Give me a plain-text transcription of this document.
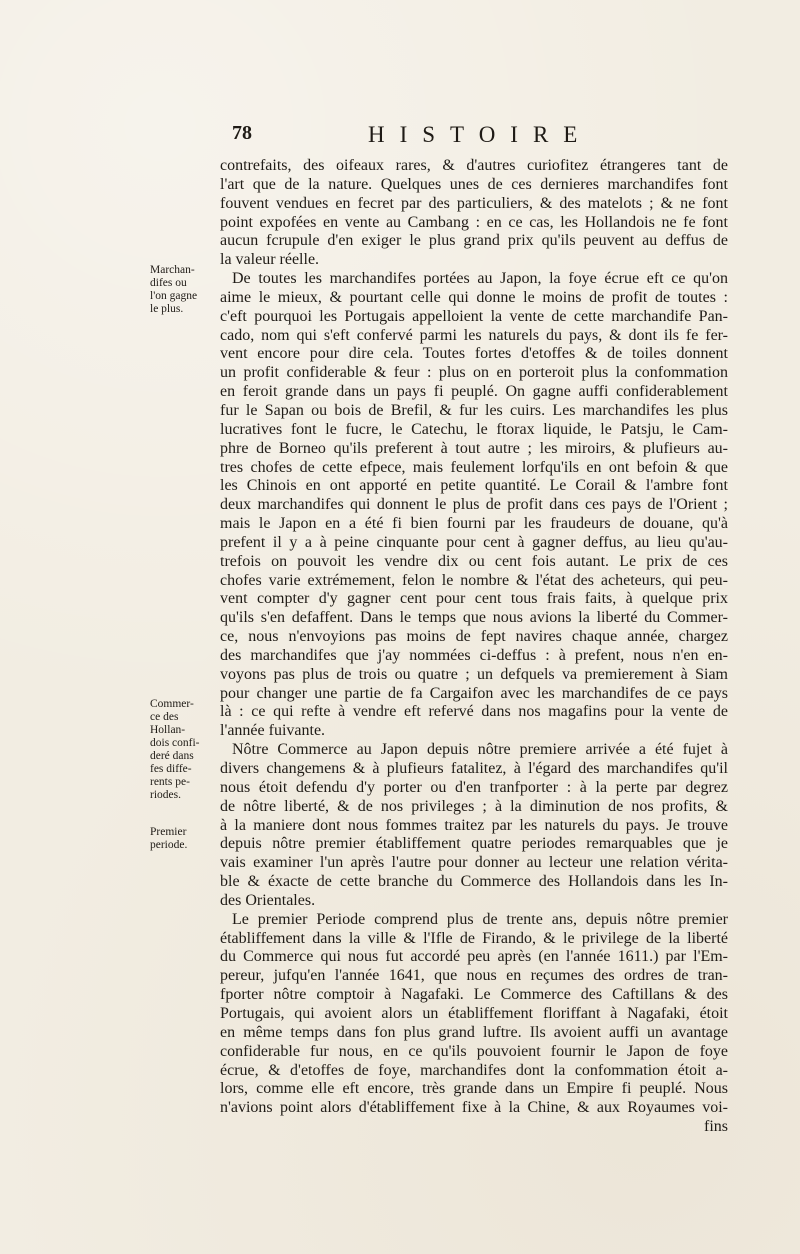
78	HISTOIRE
Marchan-
difes ou
l'on gagne
le plus.
Commer-
ce des
Hollan-
dois confi-
deré dans
fes diffe-
rents pe-
riodes.
Premier
periode.
contrefaits, des oifeaux rares, & d'autres curiofitez étrangeres tant de
l'art que de la nature. Quelques unes de ces dernieres marchandifes font
fouvent vendues en fecret par des particuliers, & des matelots ; & ne font
point expofées en vente au Cambang : en ce cas, les Hollandois ne fe font
aucun fcrupule d'en exiger le plus grand prix qu'ils peuvent au deffus de
la valeur réelle.
De toutes les marchandifes portées au Japon, la foye écrue eft ce qu'on
aime le mieux, & pourtant celle qui donne le moins de profit de toutes :
c'eft pourquoi les Portugais appelloient la vente de cette marchandife Pan-
cado, nom qui s'eft confervé parmi les naturels du pays, & dont ils fe fer-
vent encore pour dire cela. Toutes fortes d'etoffes & de toiles donnent
un profit confiderable & feur : plus on en porteroit plus la confommation
en feroit grande dans un pays fi peuplé. On gagne auffi confiderablement
fur le Sapan ou bois de Brefil, & fur les cuirs. Les marchandifes les plus
lucratives font le fucre, le Catechu, le ftorax liquide, le Patsju, le Cam-
phre de Borneo qu'ils preferent à tout autre ; les miroirs, & plufieurs au-
tres chofes de cette efpece, mais feulement lorfqu'ils en ont befoin & que
les Chinois en ont apporté en petite quantité. Le Corail & l'ambre font
deux marchandifes qui donnent le plus de profit dans ces pays de l'Orient ;
mais le Japon en a été fi bien fourni par les fraudeurs de douane, qu'à
prefent il y a à peine cinquante pour cent à gagner deffus, au lieu qu'au-
trefois on pouvoit les vendre dix ou cent fois autant. Le prix de ces
chofes varie extrémement, felon le nombre & l'état des acheteurs, qui peu-
vent compter d'y gagner cent pour cent tous frais faits, à quelque prix
qu'ils s'en defaffent. Dans le temps que nous avions la liberté du Commer-
ce, nous n'envoyions pas moins de fept navires chaque année, chargez
des marchandifes que j'ay nommées ci-deffus : à prefent, nous n'en en-
voyons pas plus de trois ou quatre ; un defquels va premierement à Siam
pour changer une partie de fa Cargaifon avec les marchandifes de ce pays
là : ce qui refte à vendre eft refervé dans nos magafins pour la vente de
l'année fuivante.
Nôtre Commerce au Japon depuis nôtre premiere arrivée a été fujet à
divers changemens & à plufieurs fatalitez, à l'égard des marchandifes qu'il
nous étoit defendu d'y porter ou d'en tranfporter : à la perte par degrez
de nôtre liberté, & de nos privileges ; à la diminution de nos profits, &
à la maniere dont nous fommes traitez par les naturels du pays. Je trouve
depuis nôtre premier établiffement quatre periodes remarquables que je
vais examiner l'un après l'autre pour donner au lecteur une relation vérita-
ble & éxacte de cette branche du Commerce des Hollandois dans les In-
des Orientales.
Le premier Periode comprend plus de trente ans, depuis nôtre premier
établiffement dans la ville & l'Ifle de Firando, & le privilege de la liberté
du Commerce qui nous fut accordé peu après (en l'année 1611.) par l'Em-
pereur, jufqu'en l'année 1641, que nous en reçumes des ordres de tran-
fporter nôtre comptoir à Nagafaki. Le Commerce des Caftillans & des
Portugais, qui avoient alors un établiffement floriffant à Nagafaki, étoit
en même temps dans fon plus grand luftre. Ils avoient auffi un avantage
confiderable fur nous, en ce qu'ils pouvoient fournir le Japon de foye
écrue, & d'etoffes de foye, marchandifes dont la confommation étoit a-
lors, comme elle eft encore, très grande dans un Empire fi peuplé. Nous
n'avions point alors d'établiffement fixe à la Chine, & aux Royaumes voi-
fins
